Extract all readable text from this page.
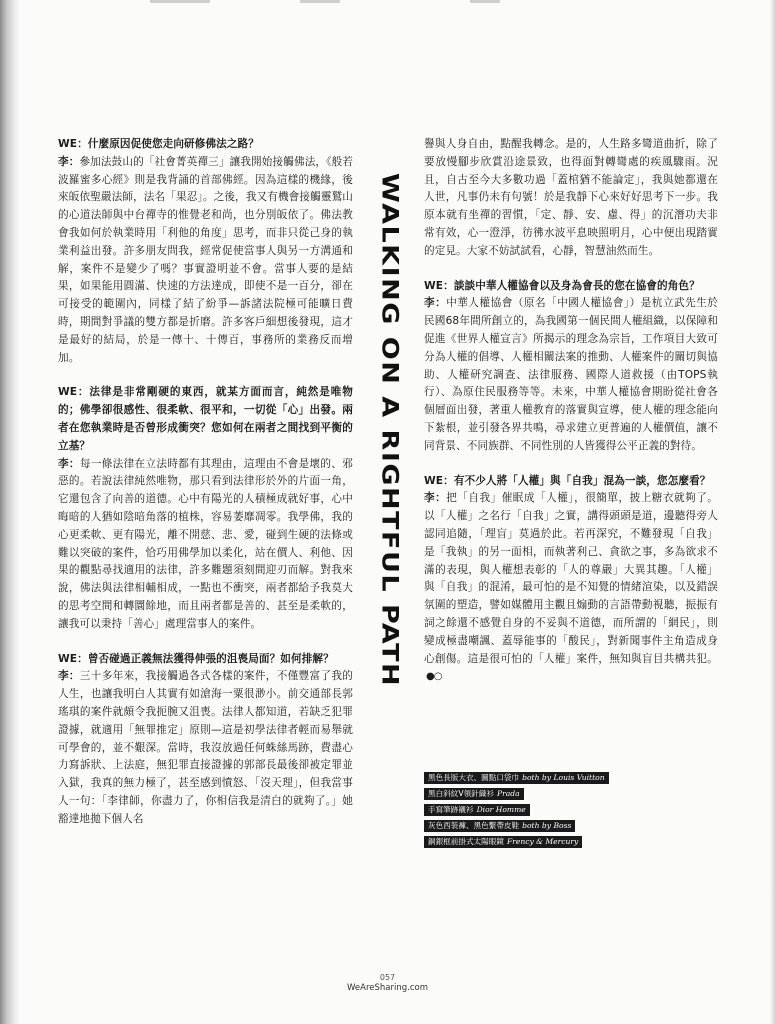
WE：什麼原因促使您走向研修佛法之路？
李：參加法鼓山的「社會菁英禪三」讓我開始接觸佛法，《般若波羅蜜多心經》則是我背誦的首部佛經。因為這樣的機緣，後來皈依聖嚴法師，法名「果忍」。之後，我又有機會接觸靈鷲山的心道法師與中台禪寺的惟覺老和尚，也分別皈依了。佛法教會我如何於執業時用「利他的角度」思考，而非只從己身的執業利益出發。許多朋友問我，經常促使當事人與另一方溝通和解，案件不是變少了嗎？事實證明並不會。當事人要的是結果，如果能用圓滿、快速的方法達成，即使不是一百分，卻在可接受的範圍內，同樣了結了紛爭—訴諸法院極可能曠日費時，期間對爭議的雙方都是折磨。許多客戶細想後發現，這才是最好的結局，於是一傳十、十傳百，事務所的業務反而增加。

WE：法律是非常剛硬的東西，就某方面而言，純然是唯物的；佛學卻很感性、很柔軟、很平和，一切從「心」出發。兩者在您執業時是否曾形成衝突？您如何在兩者之間找到平衡的立基？
李：每一條法律在立法時都有其理由，這理由不會是壞的、邪惡的。若說法律純然唯物，那只看到法律形於外的片面一角，它還包含了向善的道德。心中有陽光的人積極成就好事，心中晦暗的人猶如陰暗角落的植株，容易萎靡凋零。我學佛，我的心更柔軟、更有陽光，離不開慈、悲、愛，碰到生硬的法條或難以突破的案件，恰巧用佛學加以柔化，站在價人、利他、因果的觀點尋找適用的法律，許多難題須刻間迎刃而解。對我來說，佛法與法律相輔相成，一點也不衝突，兩者都給予我莫大的思考空間和轉圜餘地，而且兩者都是善的、甚至是柔軟的，讓我可以秉持「善心」處理當事人的案件。

WE：曾否碰過正義無法獲得伸張的沮喪局面？如何排解？
李：三十多年來，我接觸過各式各樣的案件，不僅豐富了我的人生，也讓我明白人其實有如滄海一粟很渺小。前交通部長郭瑤琪的案件就頗令我扼腕又沮喪。法律人都知道，若缺乏犯罪證據，就適用「無罪推定」原則—這是初學法律者輕而易舉就可學會的，並不艱深。當時，我沒放過任何蛛絲馬跡，費盡心力寫訴狀、上法庭，無犯罪直接證據的郭部長最後卻被定罪並入獄，我真的無力極了，甚至感到憤怒、「沒天理」，但我當事人一句：「李律師，你盡力了，你相信我是清白的就夠了。」她豁達地拋下個人名

WALKING ON A RIGHTFUL PATH

譽與人身自由，點醒我轉念。是的，人生路多彎道曲折，除了要放慢腳步欣賞沿途景致，也得面對轉彎處的疾風驟雨。況且，自古至今大多數功過「蓋棺猶不能論定」，我與她都還在人世，凡事仍未有句號！於是我靜下心來好好思考下一步。我原本就有坐禪的習慣，「定、靜、安、慮、得」的沉潛功夫非常有效，心一澄淨，彷彿水波平息映照明月，心中便出現踏實的定見。大家不妨試試看，心靜，智慧油然而生。

WE：談談中華人權協會以及身為會長的您在協會的角色？
李：中華人權協會（原名「中國人權協會」）是杭立武先生於民國68年間所創立的，為我國第一個民間人權組織，以保障和促進《世界人權宣言》所揭示的理念為宗旨，工作項目大致可分為人權的倡導、人權相關法案的推動、人權案件的關切與協助、人權研究調查、法律服務、國際人道救援（由TOPS執行）、為原住民服務等等。未來，中華人權協會期盼從社會各個層面出發，著重人權教育的落實與宣導，使人權的理念能向下紮根，並引發各界共鳴，尋求建立更普遍的人權價值，讓不同背景、不同族群、不同性別的人皆獲得公平正義的對待。

WE：有不少人將「人權」與「自我」混為一談，您怎麼看？
李：把「自我」催眠成「人權」，很簡單，披上糖衣就夠了。以「人權」之名行「自我」之實，講得頭頭是道，邊聽得旁人認同追隨，「理盲」莫過於此。若再深究，不難發現「自我」是「我執」的另一面相，而執著利己、貪欲之事，多為欲求不滿的表現，與人權想表彰的「人的尊嚴」大異其趣。「人權」與「自我」的混淆，最可怕的是不知覺的情緒渲染，以及錯誤氛圍的塑造，譬如媒體用主觀且煽動的言語帶動視聽，振振有詞之餘還不感覺自身的不妥與不道德，而所謂的「網民」，則變成極盡嘲諷、蓋辱能事的「酸民」，對新聞事件主角造成身心創傷。這是很可怕的「人權」案件，無知與盲目共構共犯。●○

黑色長版大衣、圖點口袋巾 both by Louis Vuitton
黑白斜紋V領針織衫 Prada
手寫筆跡襯衫 Dior Homme
灰色西裝褲、黑色繫帶皮鞋 both by Boss
銅銀框前掛式太陽眼鏡 Frency & Mercury
057
WeAreSharing.com
